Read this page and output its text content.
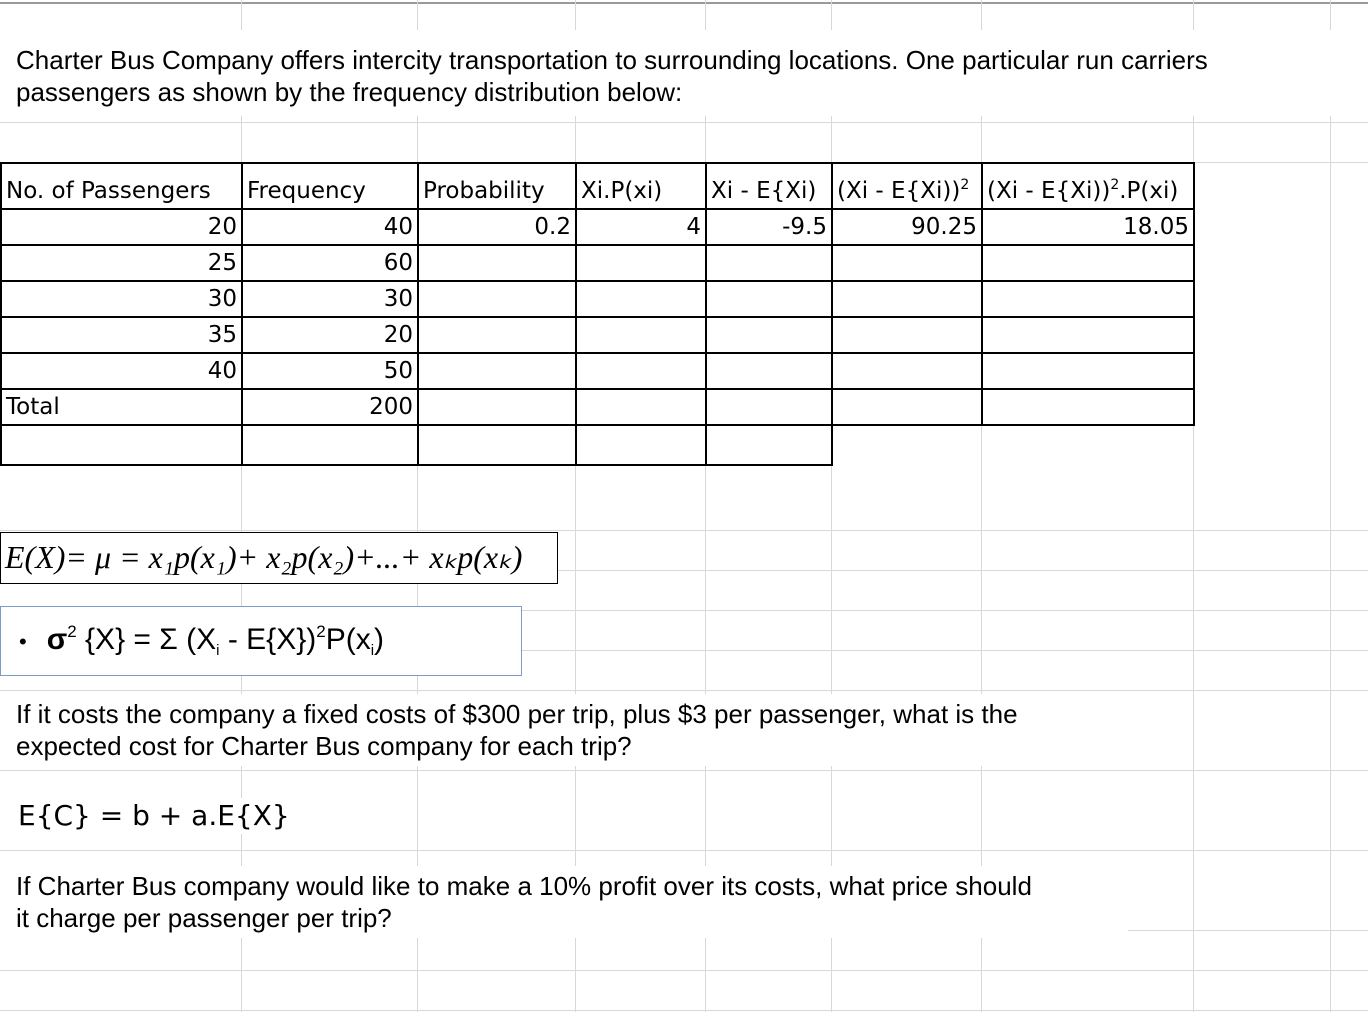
Charter Bus Company offers intercity transportation to surrounding locations. One particular run carriers
passengers as shown by the frequency distribution below:
No. of Passengers	Frequency	Probability	Xi.P(xi)	Xi - E{Xi)	(Xi - E{Xi))$^2$	(Xi - E{Xi))$^2$.P(xi)
20	40	0.2	4	-9.5	90.25	18.05
25	60					
30	30					
35	20					
40	50					
Total	200					

E(X)= μ = x₁p(x₁)+ x₂p(x₂)+...+ xₖp(xₖ)
• $\sigma^2$ {X} = Σ $(X_i - E\{X\})^2P(x_i)$
If it costs the company a fixed costs of $300 per trip, plus $3 per passenger, what is the
expected cost for Charter Bus company for each trip?
E{C} = b + a.E{X}
If Charter Bus company would like to make a 10% profit over its costs, what price should
it charge per passenger per trip?
